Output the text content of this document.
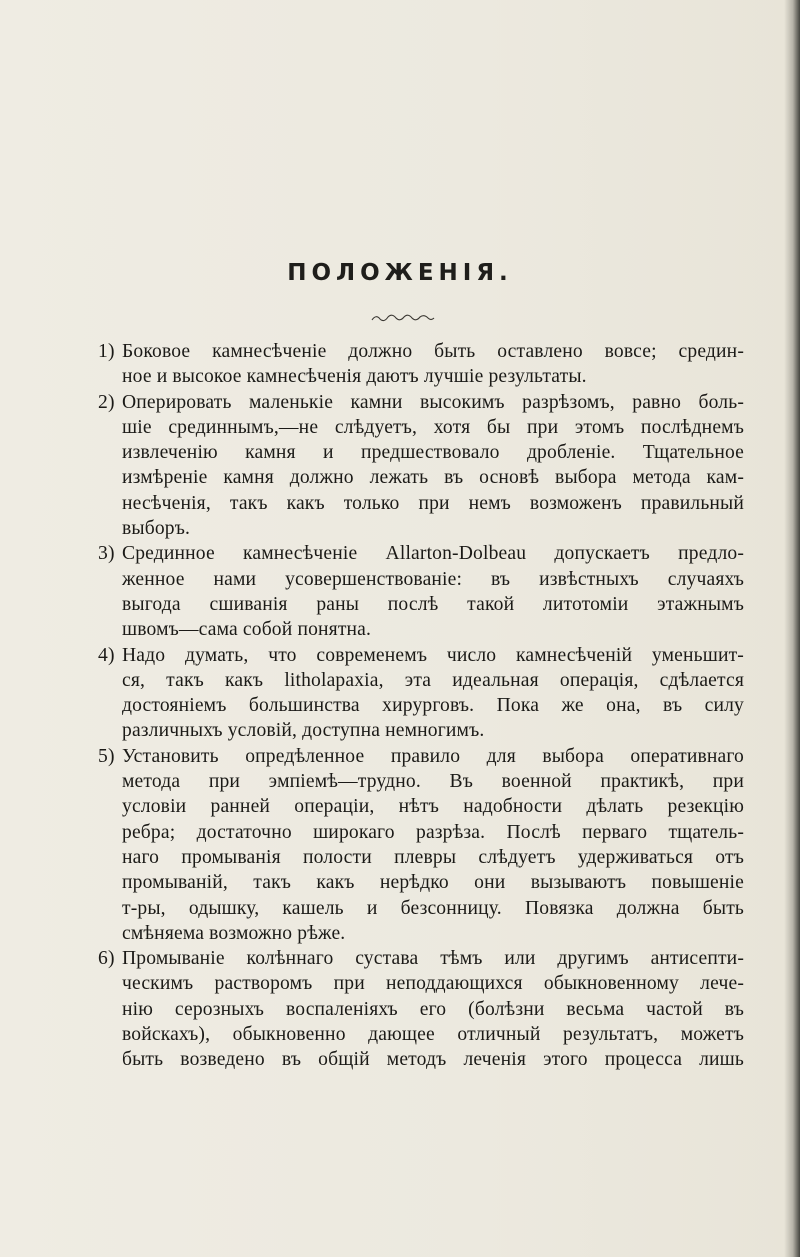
ПОЛОЖЕНIЯ.
1) Боковое камнесѣченiе должно быть оставлено вовсе; средин-
ное и высокое камнесѣченiя даютъ лучшiе результаты.
2) Оперировать маленькiе камни высокимъ разрѣзомъ, равно боль-
шiе срединнымъ,—не слѣдуетъ, хотя бы при этомъ послѣднемъ
извлеченiю камня и предшествовало дробленiе. Тщательное
измѣренiе камня должно лежать въ основѣ выбора метода кам-
несѣченiя, такъ какъ только при немъ возможенъ правильный
выборъ.
3) Срединное камнесѣченiе Allarton-Dolbeau допускаетъ предло-
женное нами усовершенствованiе: въ извѣстныхъ случаяхъ
выгода сшиванiя раны послѣ такой литотомiи этажнымъ
швомъ—сама собой понятна.
4) Надо думать, что современемъ число камнесѣченiй уменьшит-
ся, такъ какъ litholapaxia, эта идеальная операцiя, сдѣлается
достоянiемъ большинства хирурговъ. Пока же она, въ силу
различныхъ условiй, доступна немногимъ.
5) Установить опредѣленное правило для выбора оперативнаго
метода при эмпiемѣ—трудно. Въ военной практикѣ, при
условiи ранней операцiи, нѣтъ надобности дѣлать резекцiю
ребра; достаточно широкаго разрѣза. Послѣ перваго тщатель-
наго промыванiя полости плевры слѣдуетъ удерживаться отъ
промыванiй, такъ какъ нерѣдко они вызываютъ повышенiе
т-ры, одышку, кашель и безсонницу. Повязка должна быть
смѣняема возможно рѣже.
6) Промыванiе колѣннаго сустава тѣмъ или другимъ антисепти-
ческимъ растворомъ при неподдающихся обыкновенному лече-
нiю серозныхъ воспаленiяхъ его (болѣзни весьма частой въ
войскахъ), обыкновенно дающее отличный результатъ, можетъ
быть возведено въ общiй методъ леченiя этого процесса лишь
